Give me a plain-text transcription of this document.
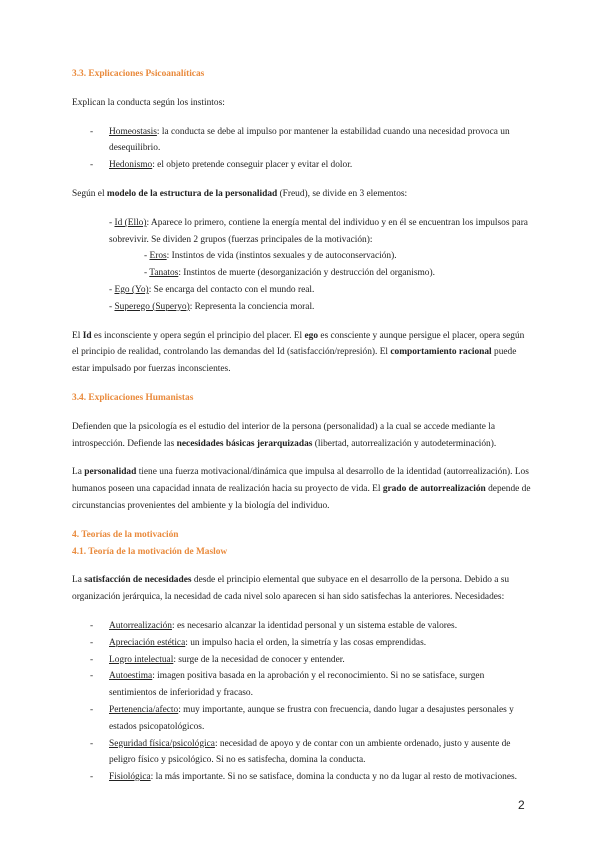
3.3. Explicaciones Psicoanalíticas

Explican la conducta según los instintos:

- Homeostasis: la conducta se debe al impulso por mantener la estabilidad cuando una necesidad provoca un desequilibrio.
- Hedonismo: el objeto pretende conseguir placer y evitar el dolor.

Según el modelo de la estructura de la personalidad (Freud), se divide en 3 elementos:

- Id (Ello): Aparece lo primero, contiene la energía mental del individuo y en él se encuentran los impulsos para sobrevivir. Se dividen 2 grupos (fuerzas principales de la motivación):

- Eros: Instintos de vida (instintos sexuales y de autoconservación).

- Tanatos: Instintos de muerte (desorganización y destrucción del organismo).

- Ego (Yo): Se encarga del contacto con el mundo real.

- Superego (Superyo): Representa la conciencia moral.

El Id es inconsciente y opera según el principio del placer. El ego es consciente y aunque persigue el placer, opera según el principio de realidad, controlando las demandas del Id (satisfacción/represión). El comportamiento racional puede estar impulsado por fuerzas inconscientes.

3.4. Explicaciones Humanistas

Defienden que la psicología es el estudio del interior de la persona (personalidad) a la cual se accede mediante la introspección. Defiende las necesidades básicas jerarquizadas (libertad, autorrealización y autodeterminación).

La personalidad tiene una fuerza motivacional/dinámica que impulsa al desarrollo de la identidad (autorrealización). Los humanos poseen una capacidad innata de realización hacia su proyecto de vida. El grado de autorrealización depende de circunstancias provenientes del ambiente y la biología del individuo.

4. Teorías de la motivación

4.1. Teoría de la motivación de Maslow

La satisfacción de necesidades desde el principio elemental que subyace en el desarrollo de la persona. Debido a su organización jerárquica, la necesidad de cada nivel solo aparecen si han sido satisfechas la anteriores. Necesidades:

- Autorrealización: es necesario alcanzar la identidad personal y un sistema estable de valores.
- Apreciación estética: un impulso hacia el orden, la simetría y las cosas emprendidas.
- Logro intelectual: surge de la necesidad de conocer y entender.
- Autoestima: imagen positiva basada en la aprobación y el reconocimiento. Si no se satisface, surgen sentimientos de inferioridad y fracaso.
- Pertenencia/afecto: muy importante, aunque se frustra con frecuencia, dando lugar a desajustes personales y estados psicopatológicos.
- Seguridad física/psicológica: necesidad de apoyo y de contar con un ambiente ordenado, justo y ausente de peligro físico y psicológico. Si no es satisfecha, domina la conducta.
- Fisiológica: la más importante. Si no se satisface, domina la conducta y no da lugar al resto de motivaciones.
2
